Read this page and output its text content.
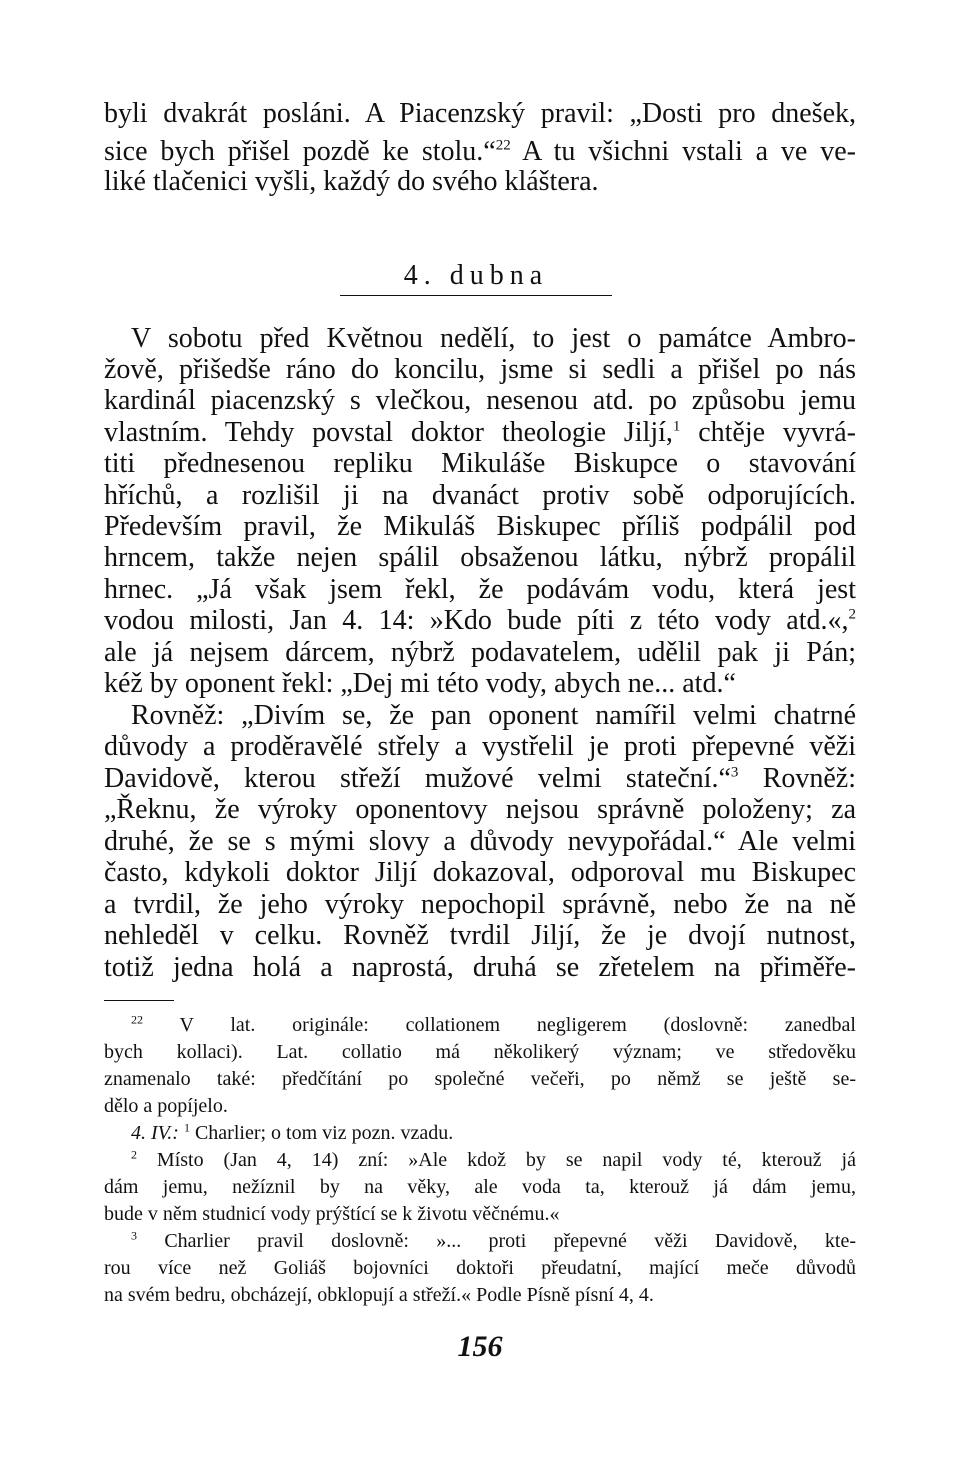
byli dvakrát posláni. A Piacenzský pravil: „Dosti pro dnešek,
sice bych přišel pozdě ke stolu.“$^{22}$ A tu všichni vstali a ve ve-
liké tlačenici vyšli, každý do svého kláštera.
4. dubna
V sobotu před Květnou nedělí, to jest o památce Ambro-
žově, přišedše ráno do koncilu, jsme si sedli a přišel po nás
kardinál piacenzský s vlečkou, nesenou atd. po způsobu jemu
vlastním. Tehdy povstal doktor theologie Jiljí,$^1$ chtěje vyvrá-
titi přednesenou repliku Mikuláše Biskupce o stavování
hříchů, a rozlišil ji na dvanáct protiv sobě odporujících.
Především pravil, že Mikuláš Biskupec příliš podpálil pod
hrncem, takže nejen spálil obsaženou látku, nýbrž propálil
hrnec. „Já však jsem řekl, že podávám vodu, která jest
vodou milosti, Jan 4. 14: »Kdo bude píti z této vody atd.«,$^2$
ale já nejsem dárcem, nýbrž podavatelem, udělil pak ji Pán;
kéž by oponent řekl: „Dej mi této vody, abych ne... atd.“
Rovněž: „Divím se, že pan oponent namířil velmi chatrné
důvody a proděravělé střely a vystřelil je proti přepevné věži
Davidově, kterou střeží mužové velmi stateční.“$^3$ Rovněž:
„Řeknu, že výroky oponentovy nejsou správně položeny; za
druhé, že se s mými slovy a důvody nevypořádal.“ Ale velmi
často, kdykoli doktor Jiljí dokazoval, odporoval mu Biskupec
a tvrdil, že jeho výroky nepochopil správně, nebo že na ně
nehleděl v celku. Rovněž tvrdil Jiljí, že je dvojí nutnost,
totiž jedna holá a naprostá, druhá se zřetelem na přiměře-
$^{22}$ V lat. originále: collationem negligerem (doslovně: zanedbal
bych kollaci). Lat. collatio má několikerý význam; ve středověku
znamenalo také: předčítání po společné večeři, po němž se ještě se-
dělo a popíjelo.
4. IV.: $^1$ Charlier; o tom viz pozn. vzadu.
$^2$ Místo (Jan 4, 14) zní: »Ale kdož by se napil vody té, kterouž já
dám jemu, nežíznil by na věky, ale voda ta, kterouž já dám jemu,
bude v něm studnicí vody prýštící se k životu věčnému.«
$^3$ Charlier pravil doslovně: »... proti přepevné věži Davidově, kte-
rou více než Goliáš bojovníci doktoři přeudatní, mající meče důvodů
na svém bedru, obcházejí, obklopují a střeží.« Podle Písně písní 4, 4.
156
